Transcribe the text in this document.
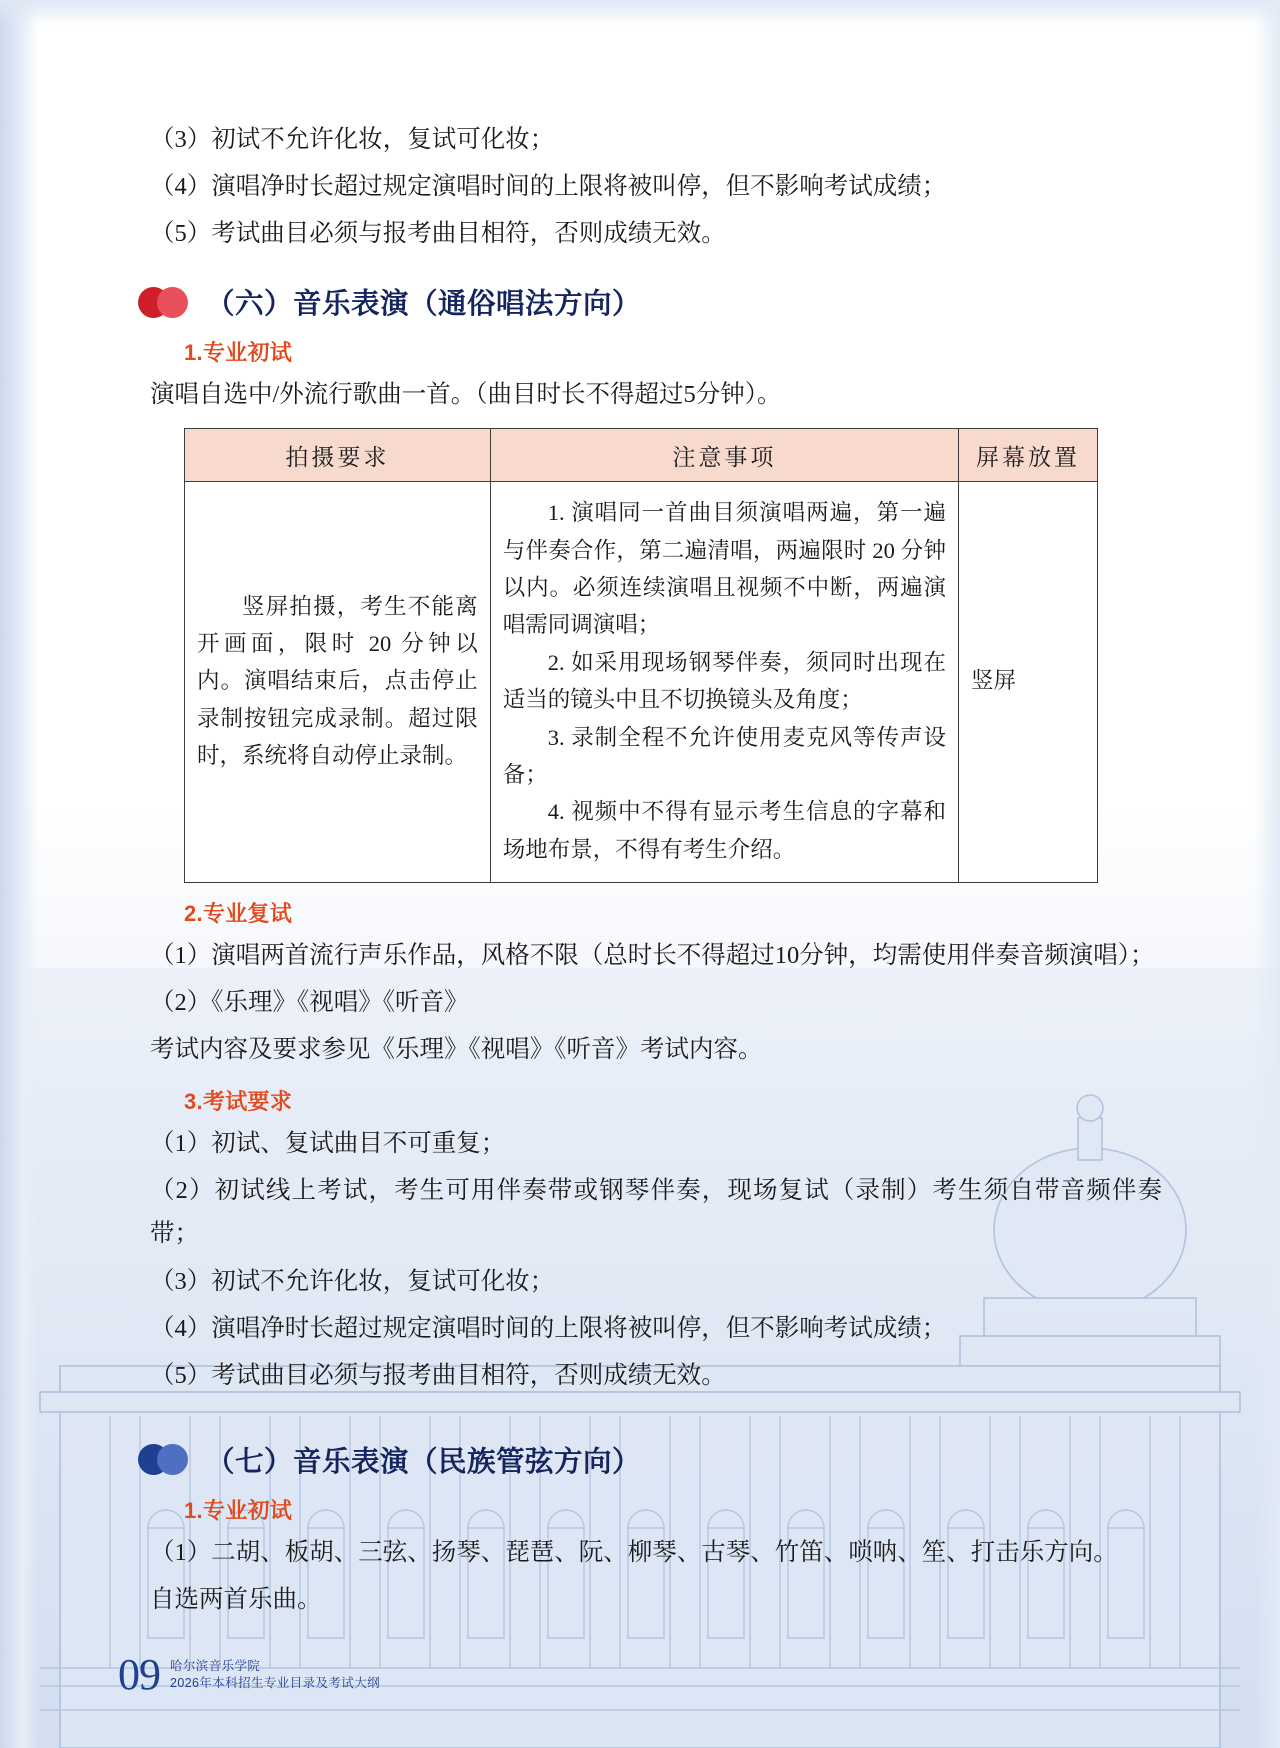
（3）初试不允许化妆，复试可化妆；

（4）演唱净时长超过规定演唱时间的上限将被叫停，但不影响考试成绩；

（5）考试曲目必须与报考曲目相符，否则成绩无效。

（六）音乐表演（通俗唱法方向）
1.专业初试

演唱自选中/外流行歌曲一首。（曲目时长不得超过5分钟）。

拍摄要求	注意事项	屏幕放置

竖屏拍摄，考生不能离开画面，限时 20 分钟以内。演唱结束后，点击停止录制按钮完成录制。超过限时，系统将自动停止录制。	1. 演唱同一首曲目须演唱两遍，第一遍与伴奏合作，第二遍清唱，两遍限时 20 分钟以内。必须连续演唱且视频不中断，两遍演唱需同调演唱；
2. 如采用现场钢琴伴奏，须同时出现在适当的镜头中且不切换镜头及角度；
3. 录制全程不允许使用麦克风等传声设备；
4. 视频中不得有显示考生信息的字幕和场地布景，不得有考生介绍。	竖屏
2.专业复试

（1）演唱两首流行声乐作品，风格不限（总时长不得超过10分钟，均需使用伴奏音频演唱）；

（2）《乐理》《视唱》《听音》

考试内容及要求参见《乐理》《视唱》《听音》考试内容。

3.考试要求

（1）初试、复试曲目不可重复；

（2）初试线上考试，考生可用伴奏带或钢琴伴奏，现场复试（录制）考生须自带音频伴奏带；

（3）初试不允许化妆，复试可化妆；

（4）演唱净时长超过规定演唱时间的上限将被叫停，但不影响考试成绩；

（5）考试曲目必须与报考曲目相符，否则成绩无效。

（七）音乐表演（民族管弦方向）
1.专业初试

（1）二胡、板胡、三弦、扬琴、琵琶、阮、柳琴、古琴、竹笛、唢呐、笙、打击乐方向。

自选两首乐曲。

09 哈尔滨音乐学院
2026年本科招生专业目录及考试大纲
